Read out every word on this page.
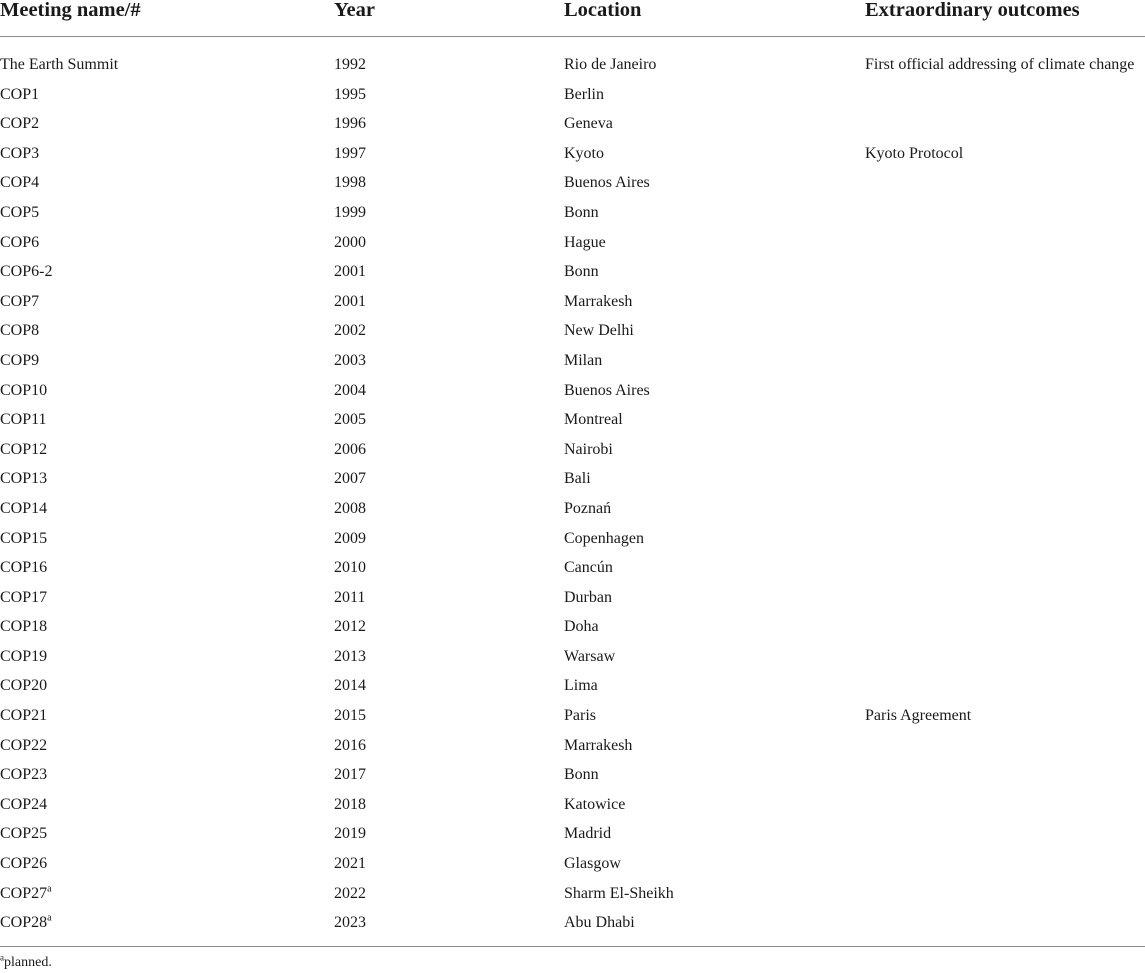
Meeting name/#	Year	Location	Extraordinary outcomes
The Earth Summit	1992	Rio de Janeiro	First official addressing of climate change
COP1	1995	Berlin
COP2	1996	Geneva
COP3	1997	Kyoto	Kyoto Protocol
COP4	1998	Buenos Aires
COP5	1999	Bonn
COP6	2000	Hague
COP6-2	2001	Bonn
COP7	2001	Marrakesh
COP8	2002	New Delhi
COP9	2003	Milan
COP10	2004	Buenos Aires
COP11	2005	Montreal
COP12	2006	Nairobi
COP13	2007	Bali
COP14	2008	Poznań
COP15	2009	Copenhagen
COP16	2010	Cancún
COP17	2011	Durban
COP18	2012	Doha
COP19	2013	Warsaw
COP20	2014	Lima
COP21	2015	Paris	Paris Agreement
COP22	2016	Marrakesh
COP23	2017	Bonn
COP24	2018	Katowice
COP25	2019	Madrid
COP26	2021	Glasgow
COP27$^a$	2022	Sharm El-Sheikh
COP28$^a$	2023	Abu Dhabi
$^a$planned.
